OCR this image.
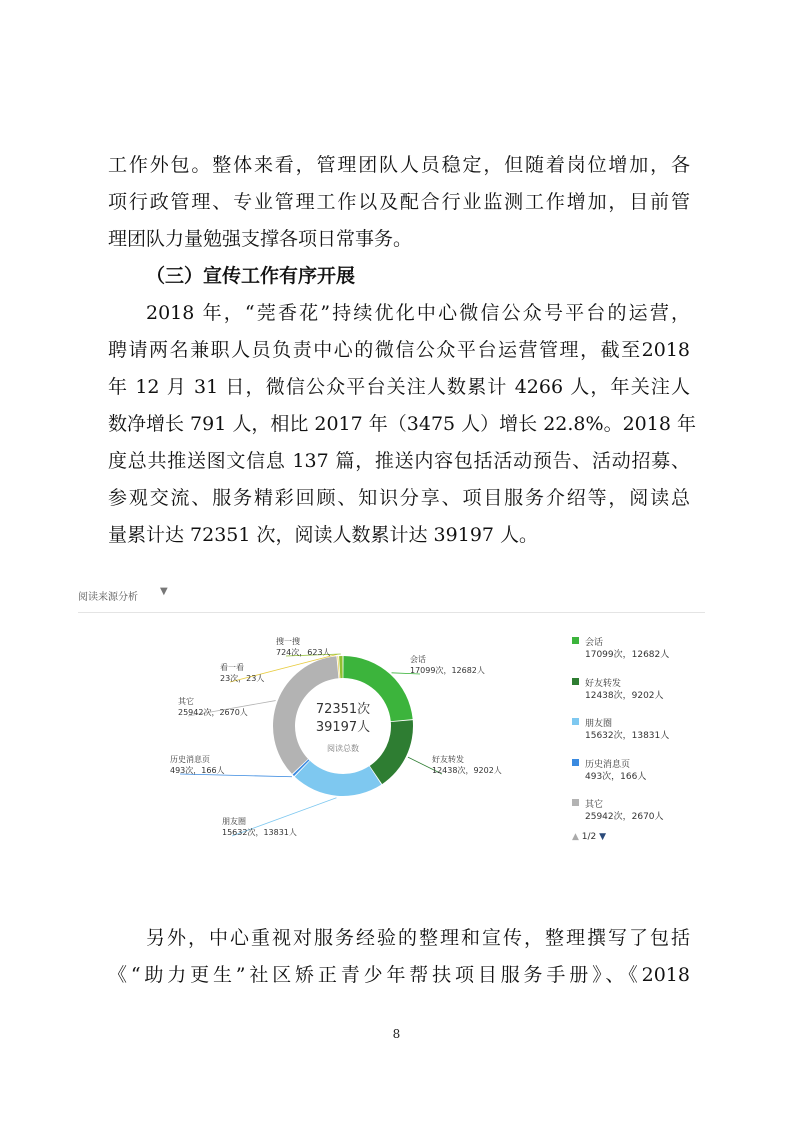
工作外包。整体来看，管理团队人员稳定，但随着岗位增加，各
项行政管理、专业管理工作以及配合行业监测工作增加，目前管
理团队力量勉强支撑各项日常事务。
（三）宣传工作有序开展
2018 年，“莞香花”持续优化中心微信公众号平台的运营，
聘请两名兼职人员负责中心的微信公众平台运营管理，截至2018
年 12 月 31 日，微信公众平台关注人数累计 4266 人，年关注人
数净增长 791 人，相比 2017 年（3475 人）增长 22.8%。2018 年
度总共推送图文信息 137 篇，推送内容包括活动预告、活动招募、
参观交流、服务精彩回顾、知识分享、项目服务介绍等，阅读总
量累计达 72351 次，阅读人数累计达 39197 人。
阅读来源分析
▼
会话
17099次，12682人
好友转发
12438次，9202人
朋友圈
15632次，13831人
历史消息页
493次，166人
其它
25942次，2670人
看一看
23次，23人
搜一搜
724次，623人
72351次
39197人
阅读总数
会话
17099次，12682人
好友转发
12438次，9202人
朋友圈
15632次，13831人
历史消息页
493次，166人
其它
25942次，2670人
▲ 1/2 ▼
另外，中心重视对服务经验的整理和宣传，整理撰写了包括
《“助力更生”社区矫正青少年帮扶项目服务手册》、《2018
8
